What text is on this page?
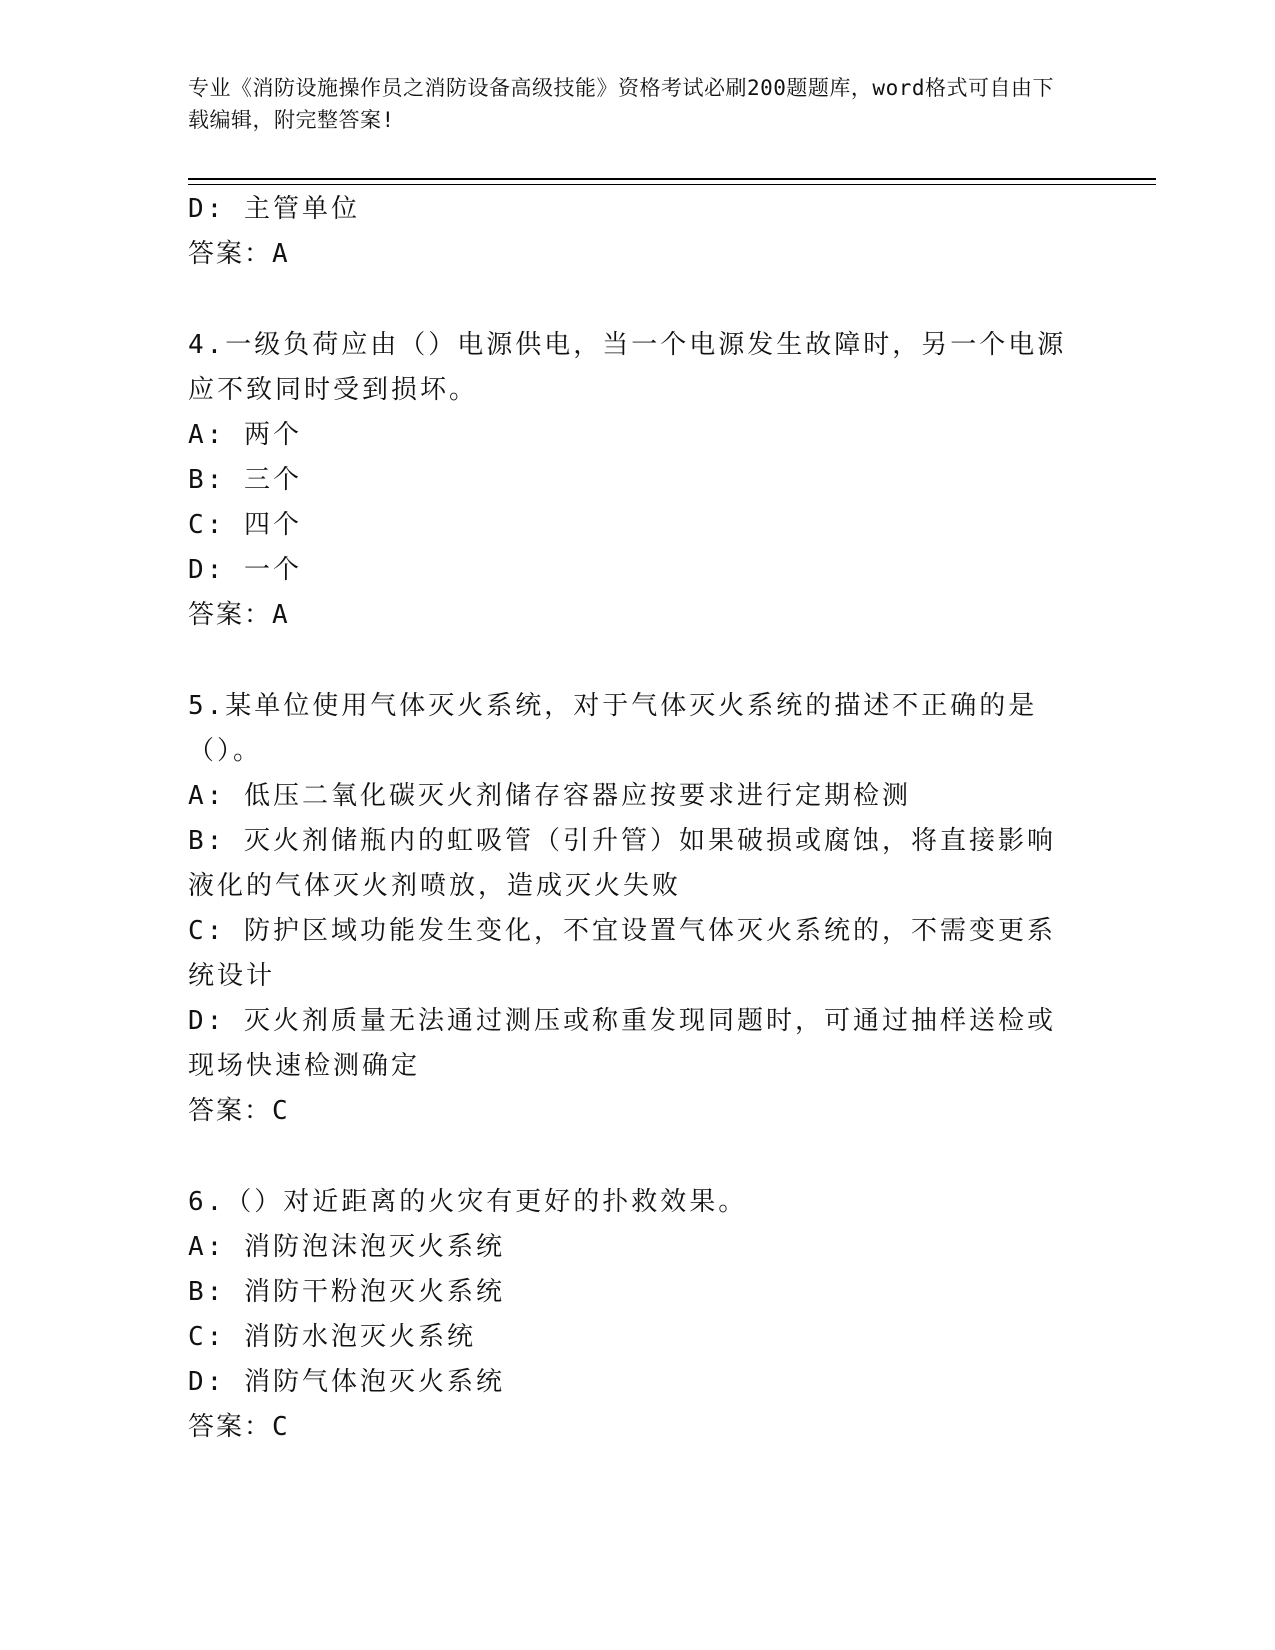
专业《消防设施操作员之消防设备高级技能》资格考试必刷200题题库，word格式可自由下载编辑，附完整答案!

D: 主管单位

答案：A

4.一级负荷应由（）电源供电，当一个电源发生故障时，另一个电源应不致同时受到损坏。

A: 两个

B: 三个

C: 四个

D: 一个

答案：A

5.某单位使用气体灭火系统，对于气体灭火系统的描述不正确的是（）。

A: 低压二氧化碳灭火剂储存容器应按要求进行定期检测

B: 灭火剂储瓶内的虹吸管（引升管）如果破损或腐蚀，将直接影响液化的气体灭火剂喷放，造成灭火失败

C: 防护区域功能发生变化，不宜设置气体灭火系统的，不需变更系统设计

D: 灭火剂质量无法通过测压或称重发现同题时，可通过抽样送检或现场快速检测确定

答案：C

6.（）对近距离的火灾有更好的扑救效果。

A: 消防泡沫泡灭火系统

B: 消防干粉泡灭火系统

C: 消防水泡灭火系统

D: 消防气体泡灭火系统

答案：C
